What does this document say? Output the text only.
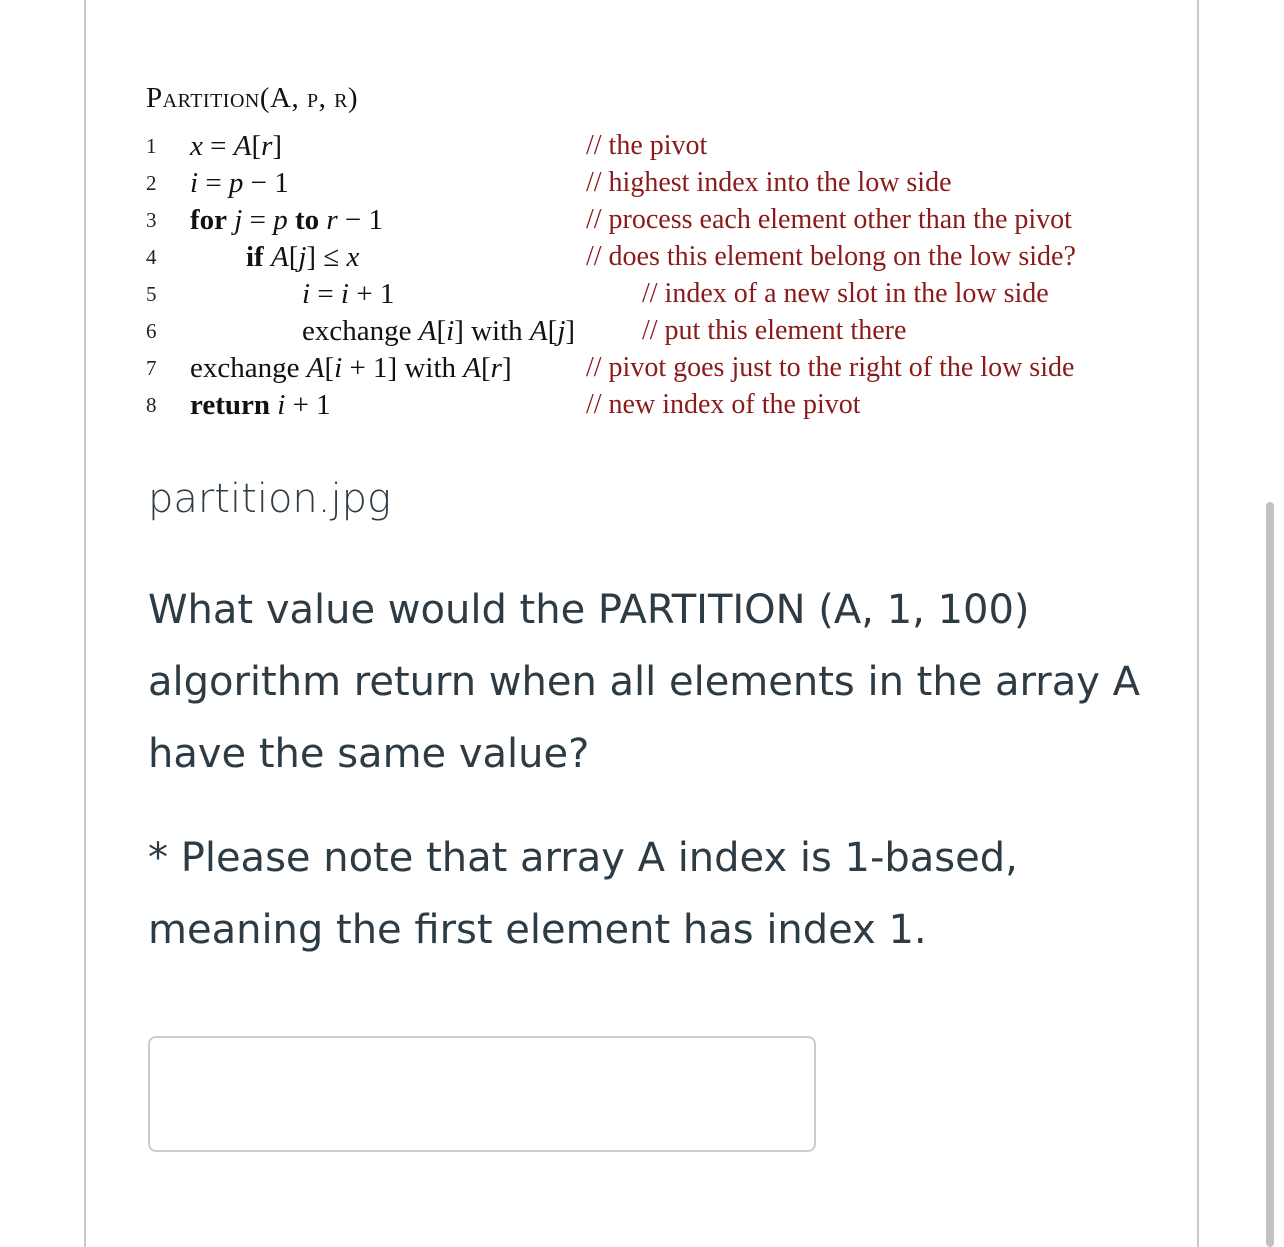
Partition(A, p, r)
1 x = A[r]	// the pivot
2 i = p − 1	// highest index into the low side
3 for j = p to r − 1	// process each element other than the pivot
4	if A[j] ≤ x	// does this element belong on the low side?
5	i = i + 1	// index of a new slot in the low side
6	exchange A[i] with A[j] // put this element there
7 exchange A[i + 1] with A[r]	// pivot goes just to the right of the low side
8 return i + 1	// new index of the pivot
partition.jpg
What value would the PARTITION (A, 1, 100) algorithm return when all elements in the array A have the same value?
* Please note that array A index is 1-based, meaning the first element has index 1.
